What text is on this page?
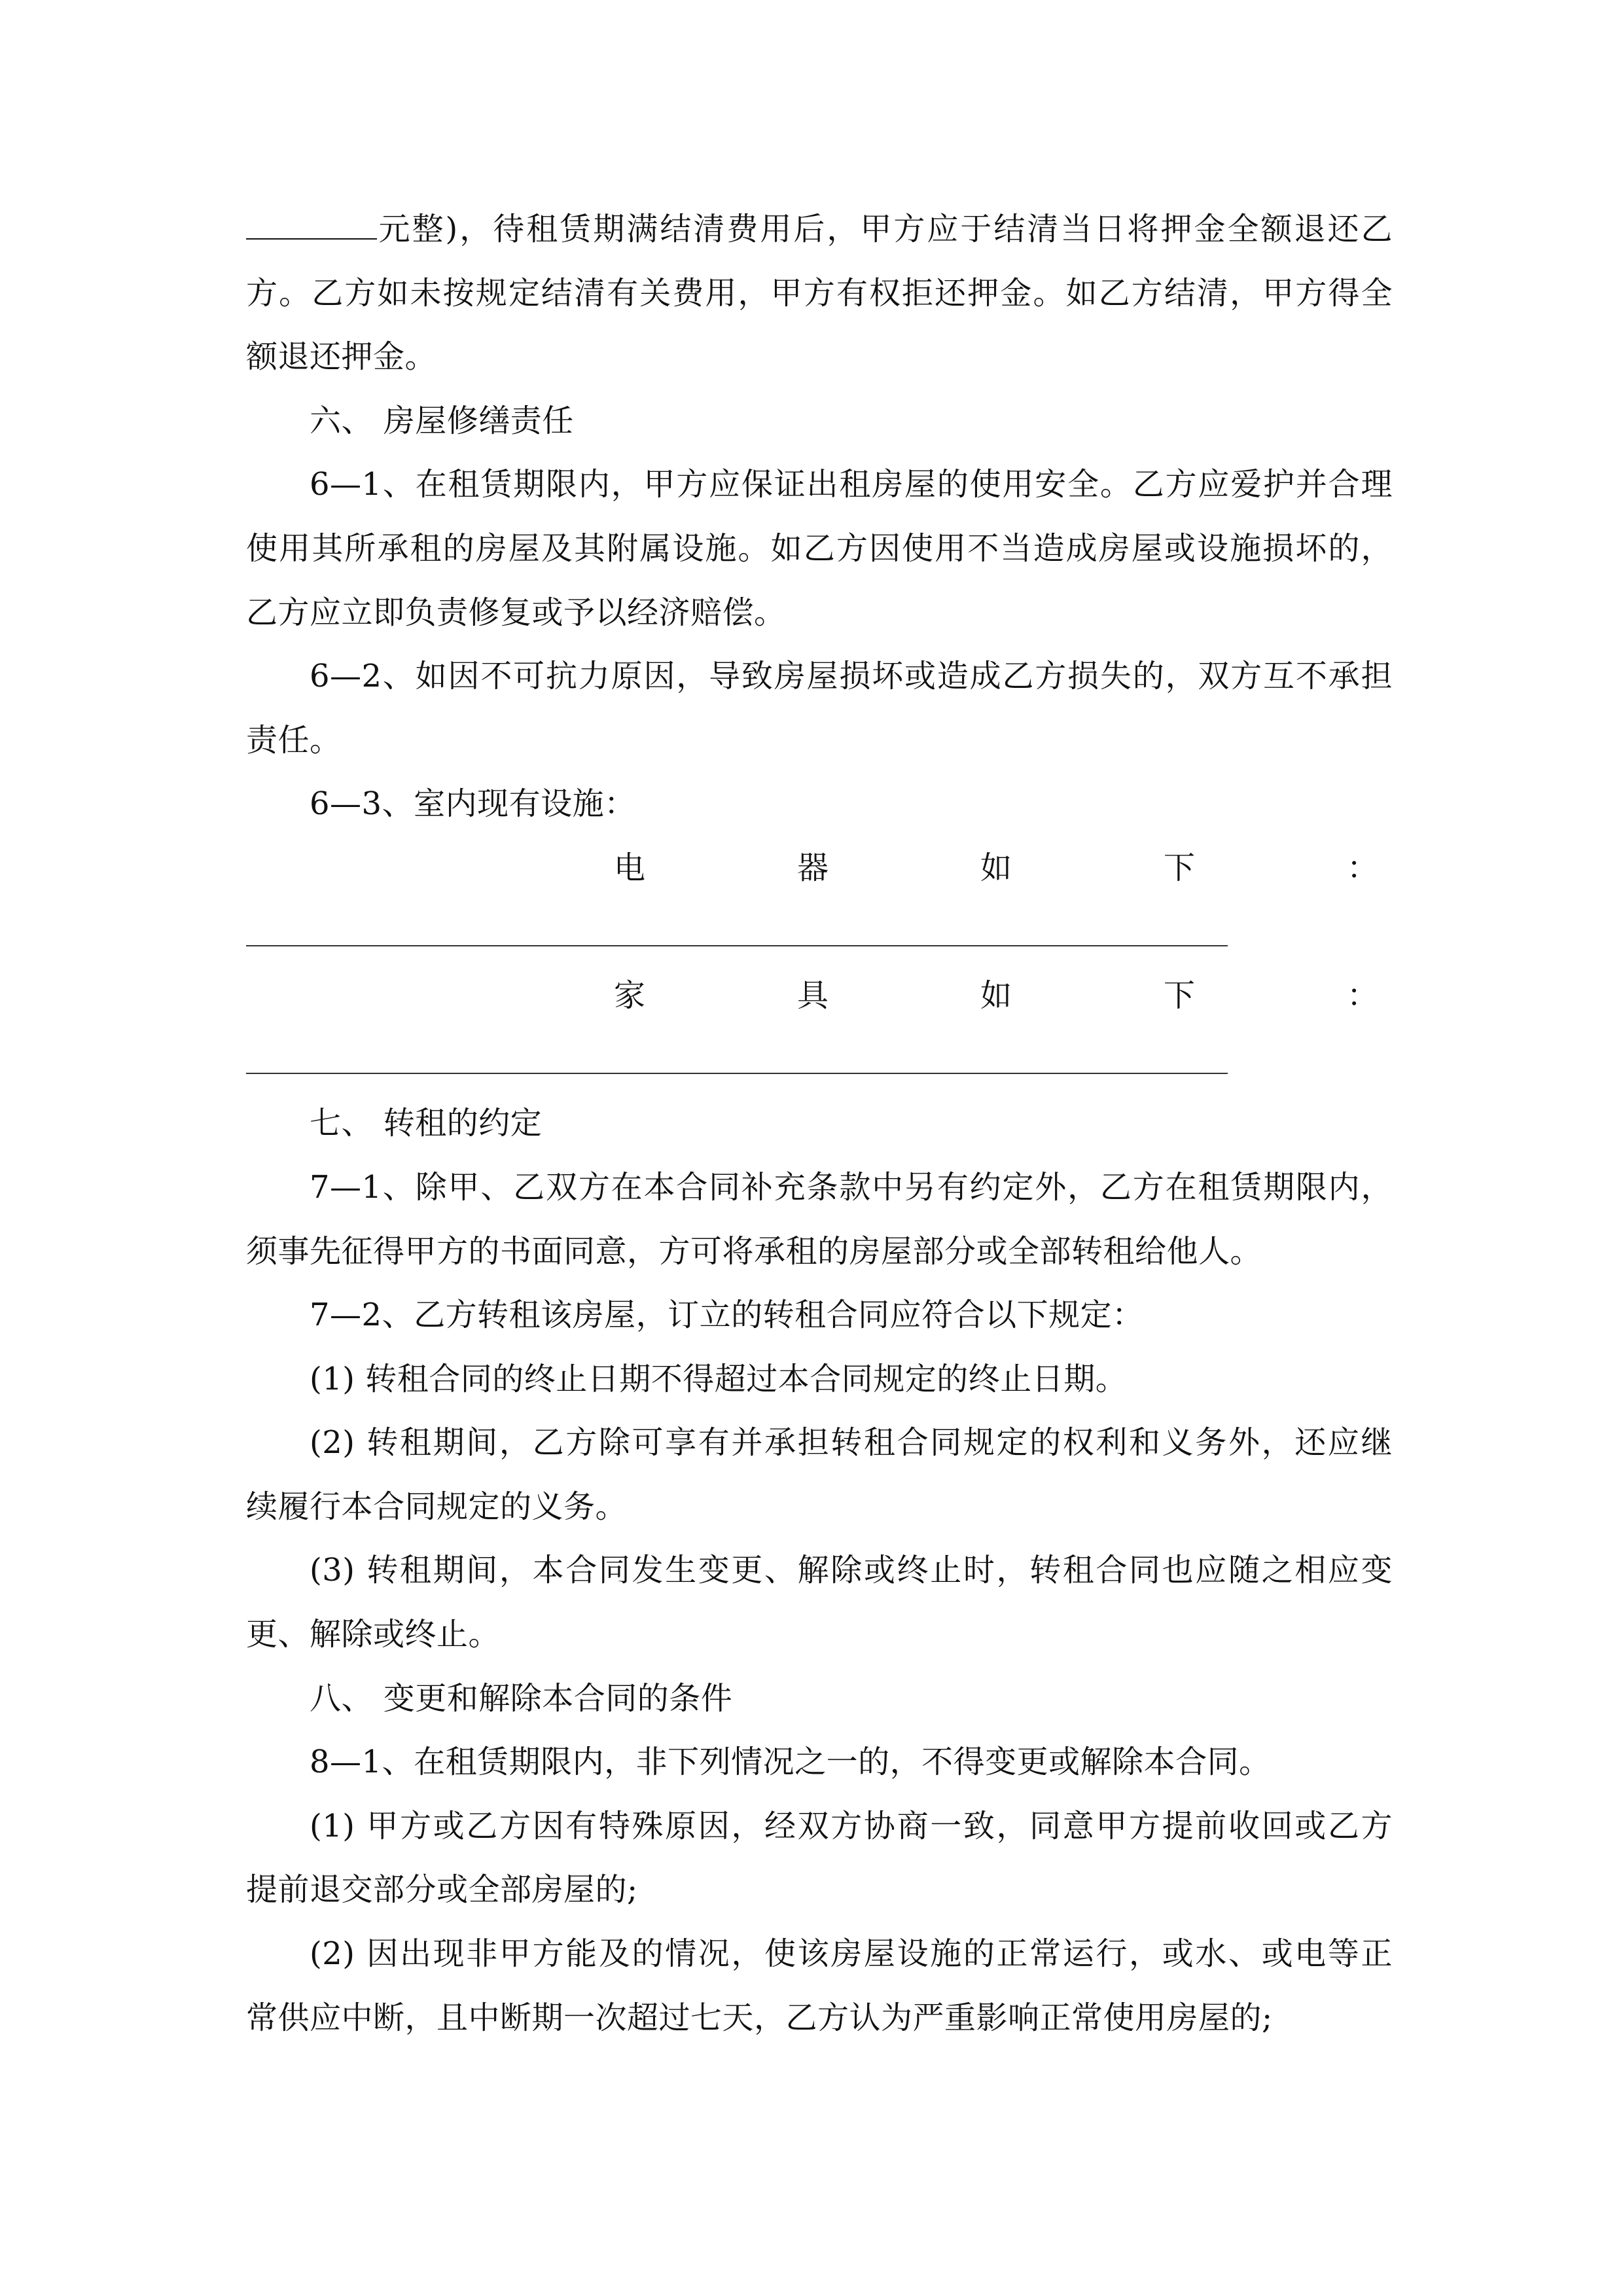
元整)，待租赁期满结清费用后，甲方应于结清当日将押金全额退还乙
方。乙方如未按规定结清有关费用，甲方有权拒还押金。如乙方结清，甲方得全
额退还押金。
六、 房屋修缮责任
6—1、在租赁期限内，甲方应保证出租房屋的使用安全。乙方应爱护并合理
使用其所承租的房屋及其附属设施。如乙方因使用不当造成房屋或设施损坏的，
乙方应立即负责修复或予以经济赔偿。
6—2、如因不可抗力原因，导致房屋损坏或造成乙方损失的，双方互不承担
责任。
6—3、室内现有设施：
电器如下：
家具如下：
七、 转租的约定
7—1、除甲、乙双方在本合同补充条款中另有约定外，乙方在租赁期限内，
须事先征得甲方的书面同意，方可将承租的房屋部分或全部转租给他人。
7—2、乙方转租该房屋，订立的转租合同应符合以下规定：
(1) 转租合同的终止日期不得超过本合同规定的终止日期。
(2) 转租期间，乙方除可享有并承担转租合同规定的权利和义务外，还应继
续履行本合同规定的义务。
(3) 转租期间，本合同发生变更、解除或终止时，转租合同也应随之相应变
更、解除或终止。
八、 变更和解除本合同的条件
8—1、在租赁期限内，非下列情况之一的，不得变更或解除本合同。
(1) 甲方或乙方因有特殊原因，经双方协商一致，同意甲方提前收回或乙方
提前退交部分或全部房屋的;
(2) 因出现非甲方能及的情况，使该房屋设施的正常运行，或水、或电等正
常供应中断，且中断期一次超过七天，乙方认为严重影响正常使用房屋的;
